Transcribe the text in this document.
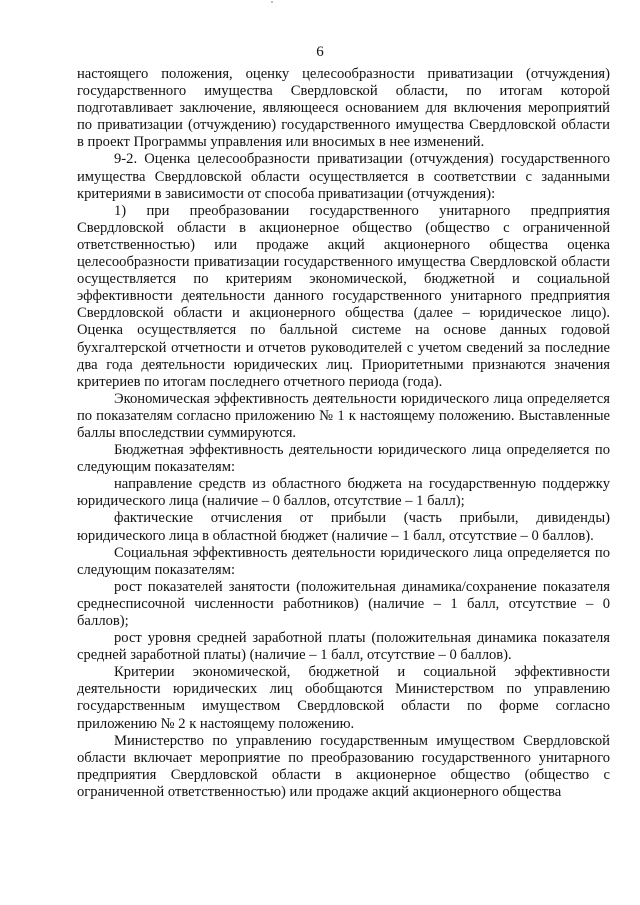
6

настоящего положения, оценку целесообразности приватизации (отчуждения) государственного имущества Свердловской области, по итогам которой подготавливает заключение, являющееся основанием для включения мероприятий по приватизации (отчуждению) государственного имущества Свердловской области в проект Программы управления или вносимых в нее изменений.

9-2. Оценка целесообразности приватизации (отчуждения) государственного имущества Свердловской области осуществляется в соответствии с заданными критериями в зависимости от способа приватизации (отчуждения):

1) при преобразовании государственного унитарного предприятия Свердловской области в акционерное общество (общество с ограниченной ответственностью) или продаже акций акционерного общества оценка целесообразности приватизации государственного имущества Свердловской области осуществляется по критериям экономической, бюджетной и социальной эффективности деятельности данного государственного унитарного предприятия Свердловской области и акционерного общества (далее – юридическое лицо). Оценка осуществляется по балльной системе на основе данных годовой бухгалтерской отчетности и отчетов руководителей с учетом сведений за последние два года деятельности юридических лиц. Приоритетными признаются значения критериев по итогам последнего отчетного периода (года).

Экономическая эффективность деятельности юридического лица определяется по показателям согласно приложению № 1 к настоящему положению. Выставленные баллы впоследствии суммируются.

Бюджетная эффективность деятельности юридического лица определяется по следующим показателям:

направление средств из областного бюджета на государственную поддержку юридического лица (наличие – 0 баллов, отсутствие – 1 балл);

фактические отчисления от прибыли (часть прибыли, дивиденды) юридического лица в областной бюджет (наличие – 1 балл, отсутствие – 0 баллов).

Социальная эффективность деятельности юридического лица определяется по следующим показателям:

рост показателей занятости (положительная динамика/сохранение показателя среднесписочной численности работников) (наличие – 1 балл, отсутствие – 0 баллов);

рост уровня средней заработной платы (положительная динамика показателя средней заработной платы) (наличие – 1 балл, отсутствие – 0 баллов).

Критерии экономической, бюджетной и социальной эффективности деятельности юридических лиц обобщаются Министерством по управлению государственным имуществом Свердловской области по форме согласно приложению № 2 к настоящему положению.

Министерство по управлению государственным имуществом Свердловской области включает мероприятие по преобразованию государственного унитарного предприятия Свердловской области в акционерное общество (общество с ограниченной ответственностью) или продаже акций акционерного общества
